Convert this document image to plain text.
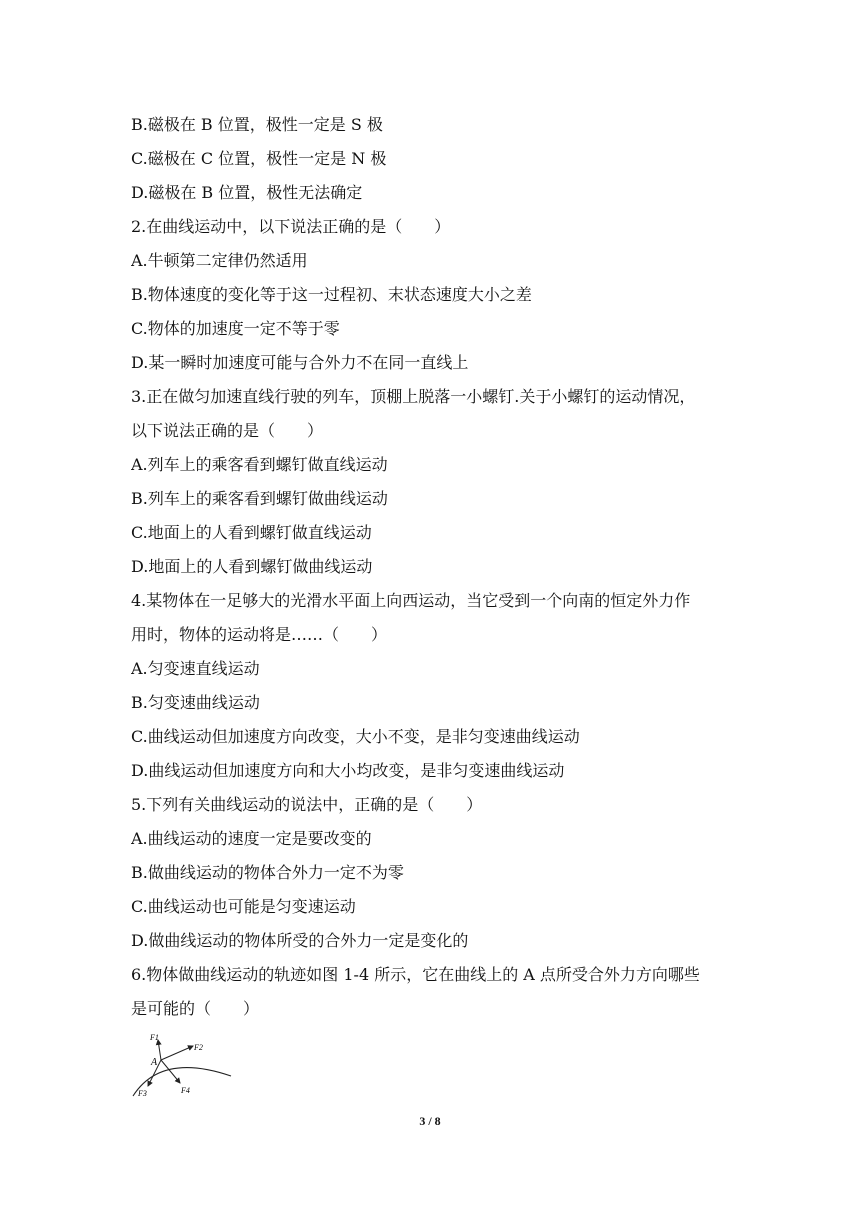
B.磁极在 B 位置，极性一定是 S 极
C.磁极在 C 位置，极性一定是 N 极
D.磁极在 B 位置，极性无法确定
2.在曲线运动中，以下说法正确的是（　　）
A.牛顿第二定律仍然适用
B.物体速度的变化等于这一过程初、末状态速度大小之差
C.物体的加速度一定不等于零
D.某一瞬时加速度可能与合外力不在同一直线上
3.正在做匀加速直线行驶的列车，顶棚上脱落一小螺钉.关于小螺钉的运动情况，
以下说法正确的是（　　）
A.列车上的乘客看到螺钉做直线运动
B.列车上的乘客看到螺钉做曲线运动
C.地面上的人看到螺钉做直线运动
D.地面上的人看到螺钉做曲线运动
4.某物体在一足够大的光滑水平面上向西运动，当它受到一个向南的恒定外力作
用时，物体的运动将是……（　　）
A.匀变速直线运动
B.匀变速曲线运动
C.曲线运动但加速度方向改变，大小不变，是非匀变速曲线运动
D.曲线运动但加速度方向和大小均改变，是非匀变速曲线运动
5.下列有关曲线运动的说法中，正确的是（　　）
A.曲线运动的速度一定是要改变的
B.做曲线运动的物体合外力一定不为零
C.曲线运动也可能是匀变速运动
D.做曲线运动的物体所受的合外力一定是变化的
6.物体做曲线运动的轨迹如图 1-4 所示，它在曲线上的 A 点所受合外力方向哪些
是可能的（　　）
A
F1
F2
F3	F4
3 / 8
